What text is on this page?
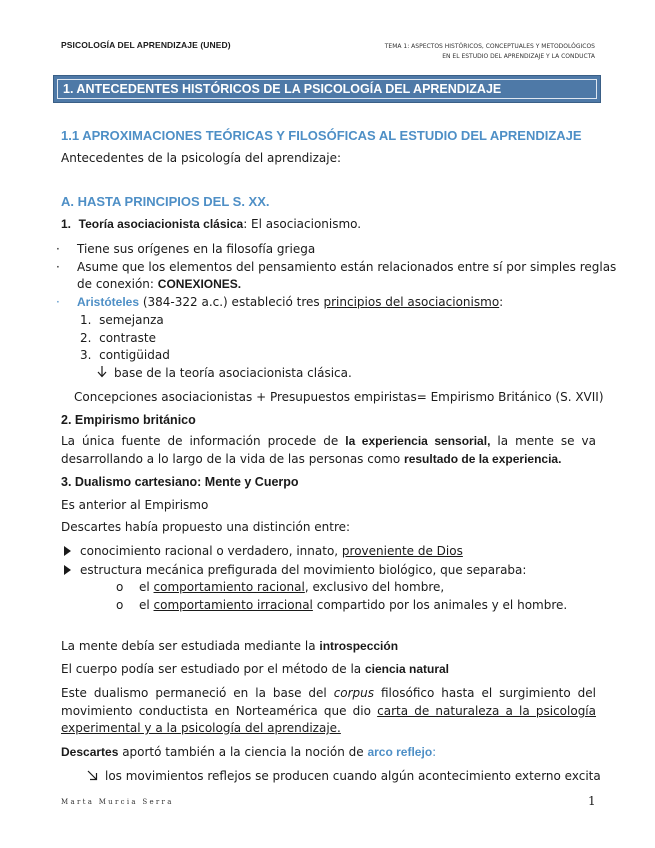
PSICOLOGÍA DEL APRENDIZAJE (UNED)	TEMA 1: ASPECTOS HISTÓRICOS, CONCEPTUALES Y METODOLÓGICOS
EN EL ESTUDIO DEL APRENDIZAJE Y LA CONDUCTA
1. ANTECEDENTES HISTÓRICOS DE LA PSICOLOGÍA DEL APRENDIZAJE
1.1 APROXIMACIONES TEÓRICAS Y FILOSÓFICAS AL ESTUDIO DEL APRENDIZAJE
Antecedentes de la psicología del aprendizaje:
A. HASTA PRINCIPIOS DEL S. XX.
1. Teoría asociacionista clásica: El asociacionismo.
· Tiene sus orígenes en la filosofía griega
· Asume que los elementos del pensamiento están relacionados entre sí por simples reglas
de conexión: CONEXIONES.
· Aristóteles (384-322 a.c.) estableció tres principios del asociacionismo:
1. semejanza
2. contraste
3. contigüidad
base de la teoría asociacionista clásica.
Concepciones asociacionistas + Presupuestos empiristas= Empirismo Británico (S. XVII)
2. Empirismo británico
La única fuente de información procede de la experiencia sensorial, la mente se va desarrollando a lo largo de la vida de las personas como resultado de la experiencia.
3. Dualismo cartesiano: Mente y Cuerpo
Es anterior al Empirismo
Descartes había propuesto una distinción entre:
conocimiento racional o verdadero, innato, proveniente de Dios
estructura mecánica prefigurada del movimiento biológico, que separaba:
o el comportamiento racional, exclusivo del hombre,
o el comportamiento irracional compartido por los animales y el hombre.
La mente debía ser estudiada mediante la introspección
El cuerpo podía ser estudiado por el método de la ciencia natural
Este dualismo permaneció en la base del corpus filosófico hasta el surgimiento del movimiento conductista en Norteamérica que dio carta de naturaleza a la psicología experimental y a la psicología del aprendizaje.
Descartes aportó también a la ciencia la noción de arco reflejo:
los movimientos reflejos se producen cuando algún acontecimiento externo excita
Marta Murcia Serra	1
